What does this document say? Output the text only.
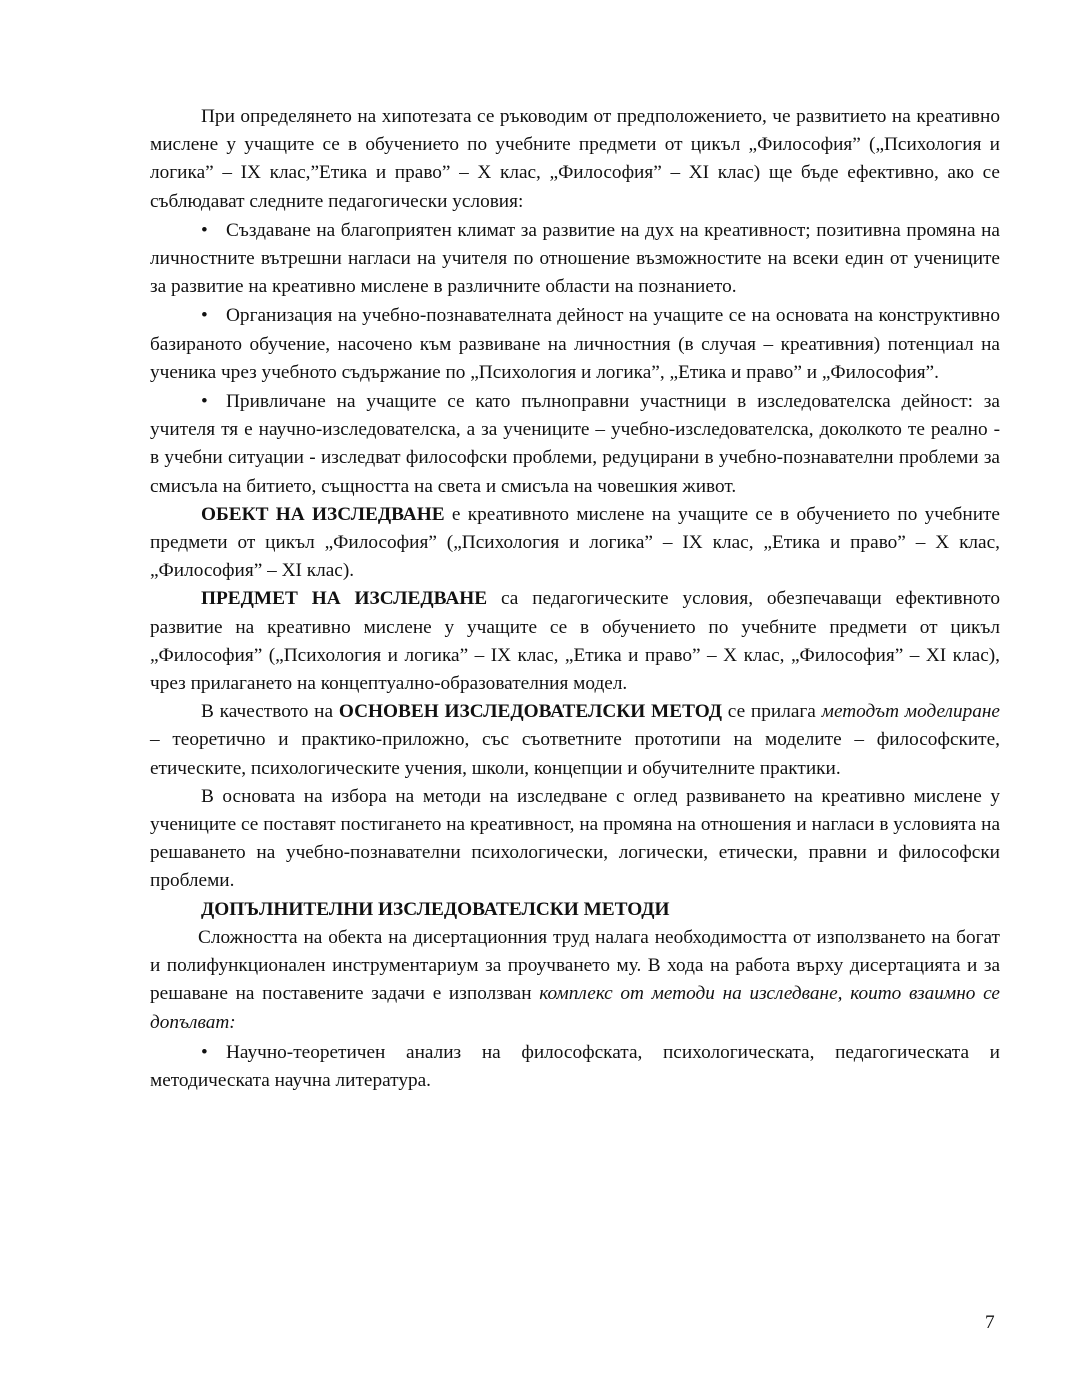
При определянето на хипотезата се ръководим от предположението, че развитието на креативно мислене у учащите се в обучението по учебните предмети от цикъл „Философия” („Психология и логика” – ІХ клас,”Етика и право” – Х клас, „Философия” – ХІ клас) ще бъде ефективно, ако се съблюдават следните педагогически условия:

• Създаване на благоприятен климат за развитие на дух на креативност; позитивна промяна на личностните вътрешни нагласи на учителя по отношение възможностите на всеки един от учениците за развитие на креативно мислене в различните области на познанието.

• Организация на учебно-познавателната дейност на учащите се на основата на конструктивно базираното обучение, насочено към развиване на личностния (в случая – креативния) потенциал на ученика чрез учебното съдържание по „Психология и логика”, „Етика и право” и „Философия”.

• Привличане на учащите се като пълноправни участници в изследователска дейност: за учителя тя е научно-изследователска, а за учениците – учебно-изследователска, доколкото те реално - в учебни ситуации - изследват философски проблеми, редуцирани в учебно-познавателни проблеми за смисъла на битието, същността на света и смисъла на човешкия живот.

ОБЕКТ НА ИЗСЛЕДВАНЕ е креативното мислене на учащите се в обучението по учебните предмети от цикъл „Философия” („Психология и логика” – ІХ клас, „Етика и право” – Х клас, „Философия” – ХІ клас).

ПРЕДМЕТ НА ИЗСЛЕДВАНЕ са педагогическите условия, обезпечаващи ефективното развитие на креативно мислене у учащите се в обучението по учебните предмети от цикъл „Философия” („Психология и логика” – ІХ клас, „Етика и право” – Х клас, „Философия” – ХІ клас), чрез прилагането на концептуално-образователния модел.

В качеството на ОСНОВЕН ИЗСЛЕДОВАТЕЛСКИ МЕТОД се прилага методът моделиране – теоретично и практико-приложно, със съответните прототипи на моделите – философските, етическите, психологическите учения, школи, концепции и обучителните практики.

В основата на избора на методи на изследване с оглед развиването на креативно мислене у учениците се поставят постигането на креативност, на промяна на отношения и нагласи в условията на решаването на учебно-познавателни психологически, логически, етически, правни и философски проблеми.

ДОПЪЛНИТЕЛНИ ИЗСЛЕДОВАТЕЛСКИ МЕТОДИ

Сложността на обекта на дисертационния труд налага необходимостта от използването на богат и полифункционален инструментариум за проучването му. В хода на работа върху дисертацията и за решаване на поставените задачи е използван комплекс от методи на изследване, които взаимно се допълват:

• Научно-теоретичен анализ на философската, психологическата, педагогическата и методическата научна литература.

7
